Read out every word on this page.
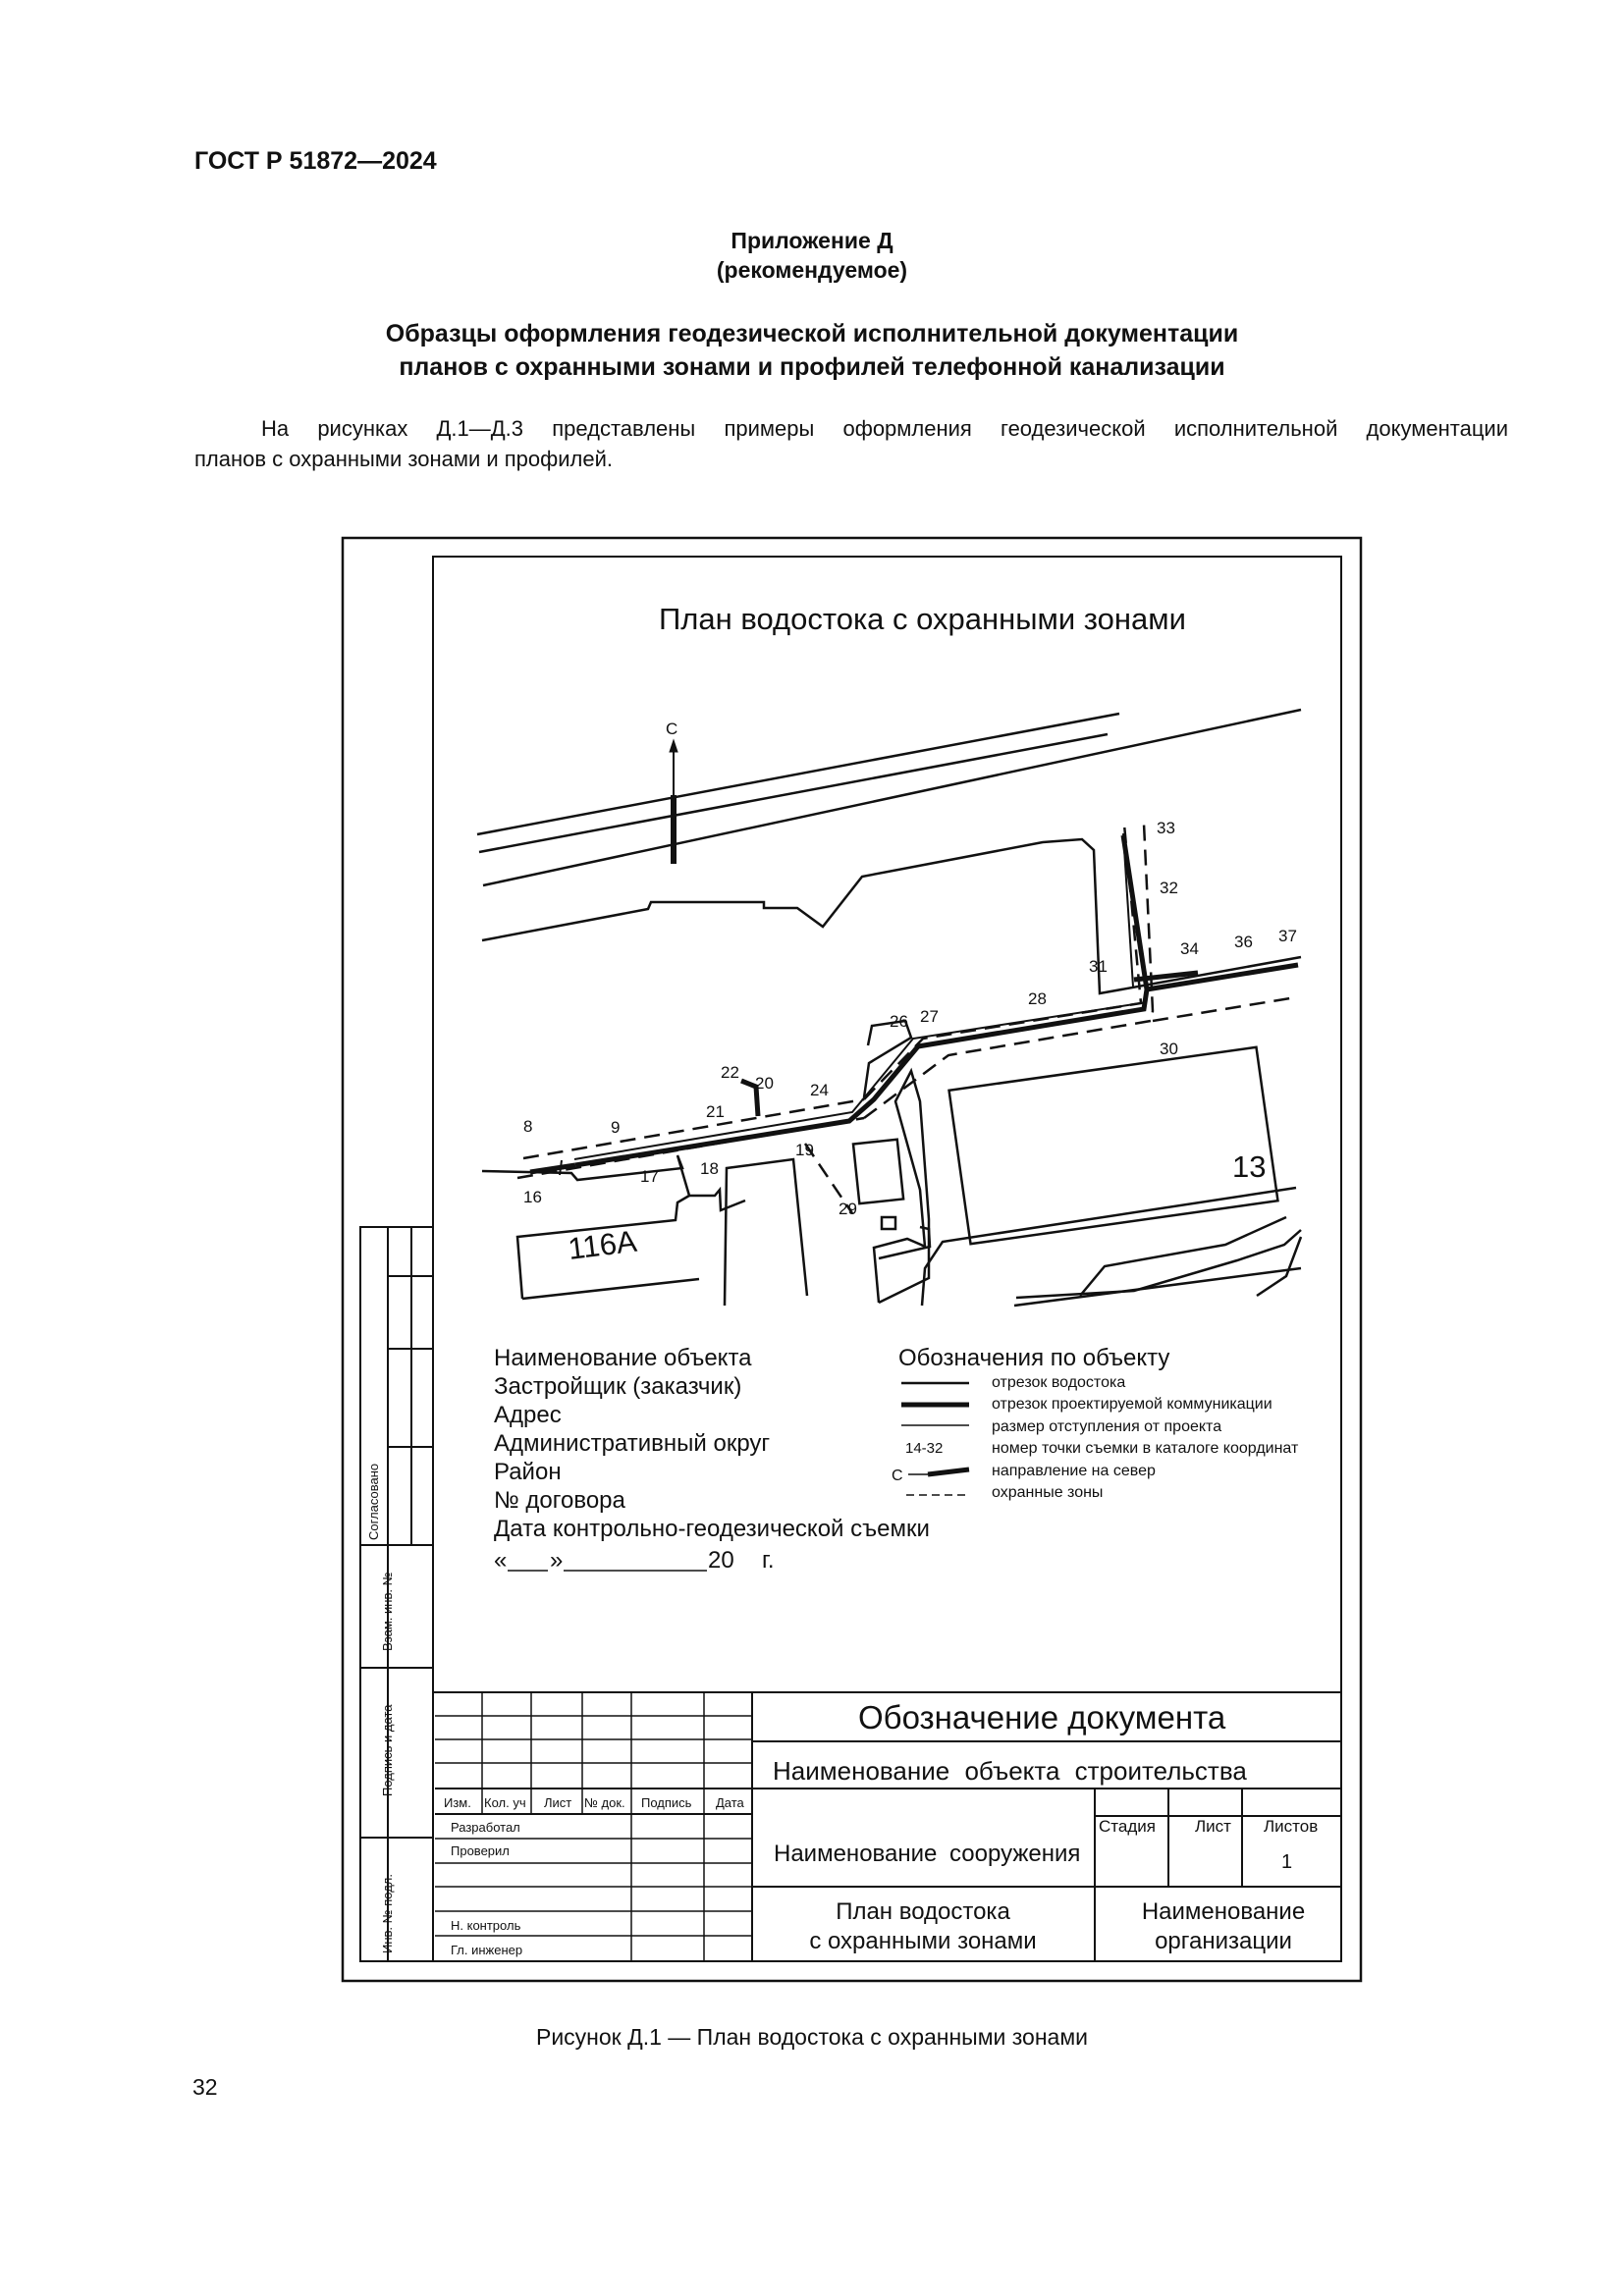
ГОСТ Р 51872—2024
Приложение Д
(рекомендуемое)
Образцы оформления геодезической исполнительной документации
планов с охранными зонами и профилей телефонной канализации
На рисунках Д.1—Д.3 представлены примеры оформления геодезической исполнительной документации
планов с охранными зонами и профилей.
33
32
34 36 37
31
28
26 27
30
22
20 24
21
8	9
19
18
17
16
29
С
116А
13
План водостока с охранными зонами
Наименование объекта
Застройщик (заказчик)
Адрес
Административный округ
Район
№ договора
Дата контрольно-геодезической съемки
« »	20 г.
Обозначения по объекту
14-32
С
отрезок водостока
отрезок проектируемой коммуникации
размер отступления от проекта
номер точки съемки в каталоге координат
направление на север
охранные зоны
Согласовано
Взам. инв. №
Подпись и дата
Инв. № подл.
Изм. Кол. уч Лист № док. Подпись Дата
Разработал
Проверил
Н. контроль
Гл. инженер
Обозначение документа
Наименование объекта строительства
Наименование сооружения
План водостока
с охранными зонами
Наименование
организации
Стадия Лист Листов
1
Рисунок Д.1 — План водостока с охранными зонами
32
